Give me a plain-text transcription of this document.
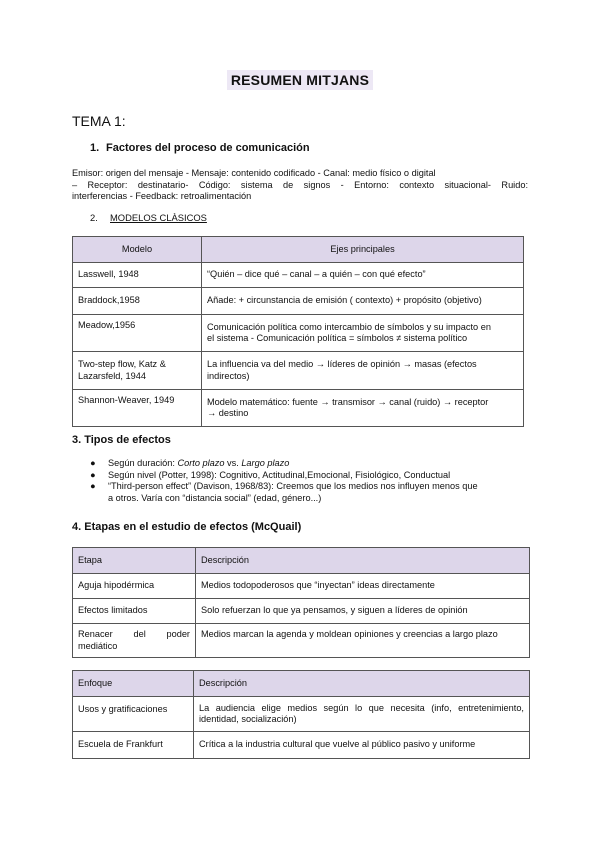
RESUMEN MITJANS
TEMA 1:
1. Factores del proceso de comunicación
Emisor: origen del mensaje - Mensaje: contenido codificado - Canal: medio físico o digital
– Receptor: destinatario- Código: sistema de signos - Entorno: contexto situacional- Ruido:
interferencias - Feedback: retroalimentación
2. MODELOS CLÀSICOS
Modelo	Ejes principales
Lasswell, 1948	“Quién – dice qué – canal – a quién – con qué efecto”
Braddock,1958	Añade: + circunstancia de emisión ( contexto) + propósito (objetivo)
Meadow,1956	Comunicación política como intercambio de símbolos y su impacto en
el sistema - Comunicación política = símbolos ≠ sistema político
Two-step flow, Katz &
Lazarsfeld, 1944	La influencia va del medio → líderes de opinión → masas (efectos
indirectos)
Shannon-Weaver, 1949	Modelo matemático: fuente → transmisor → canal (ruido) → receptor
→ destino
3. Tipos de efectos
● Según duración: Corto plazo vs. Largo plazo
● Según nivel (Potter, 1998): Cognitivo, Actitudinal,Emocional, Fisiológico, Conductual
● “Third-person effect” (Davison, 1968/83): Creemos que los medios nos influyen menos que
a otros. Varía con “distancia social” (edad, género...)
4. Etapas en el estudio de efectos (McQuail)
Etapa	Descripción
Aguja hipodérmica	Medios todopoderosos que “inyectan” ideas directamente
Efectos limitados	Solo refuerzan lo que ya pensamos, y siguen a líderes de opinión

Renacer del poder
mediático	Medios marcan la agenda y moldean opiniones y creencias a largo plazo
Enfoque	Descripción
Usos y gratificaciones	La audiencia elige medios según lo que necesita (info, entretenimiento,
identidad, socialización)
Escuela de Frankfurt	Crítica a la industria cultural que vuelve al público pasivo y uniforme
